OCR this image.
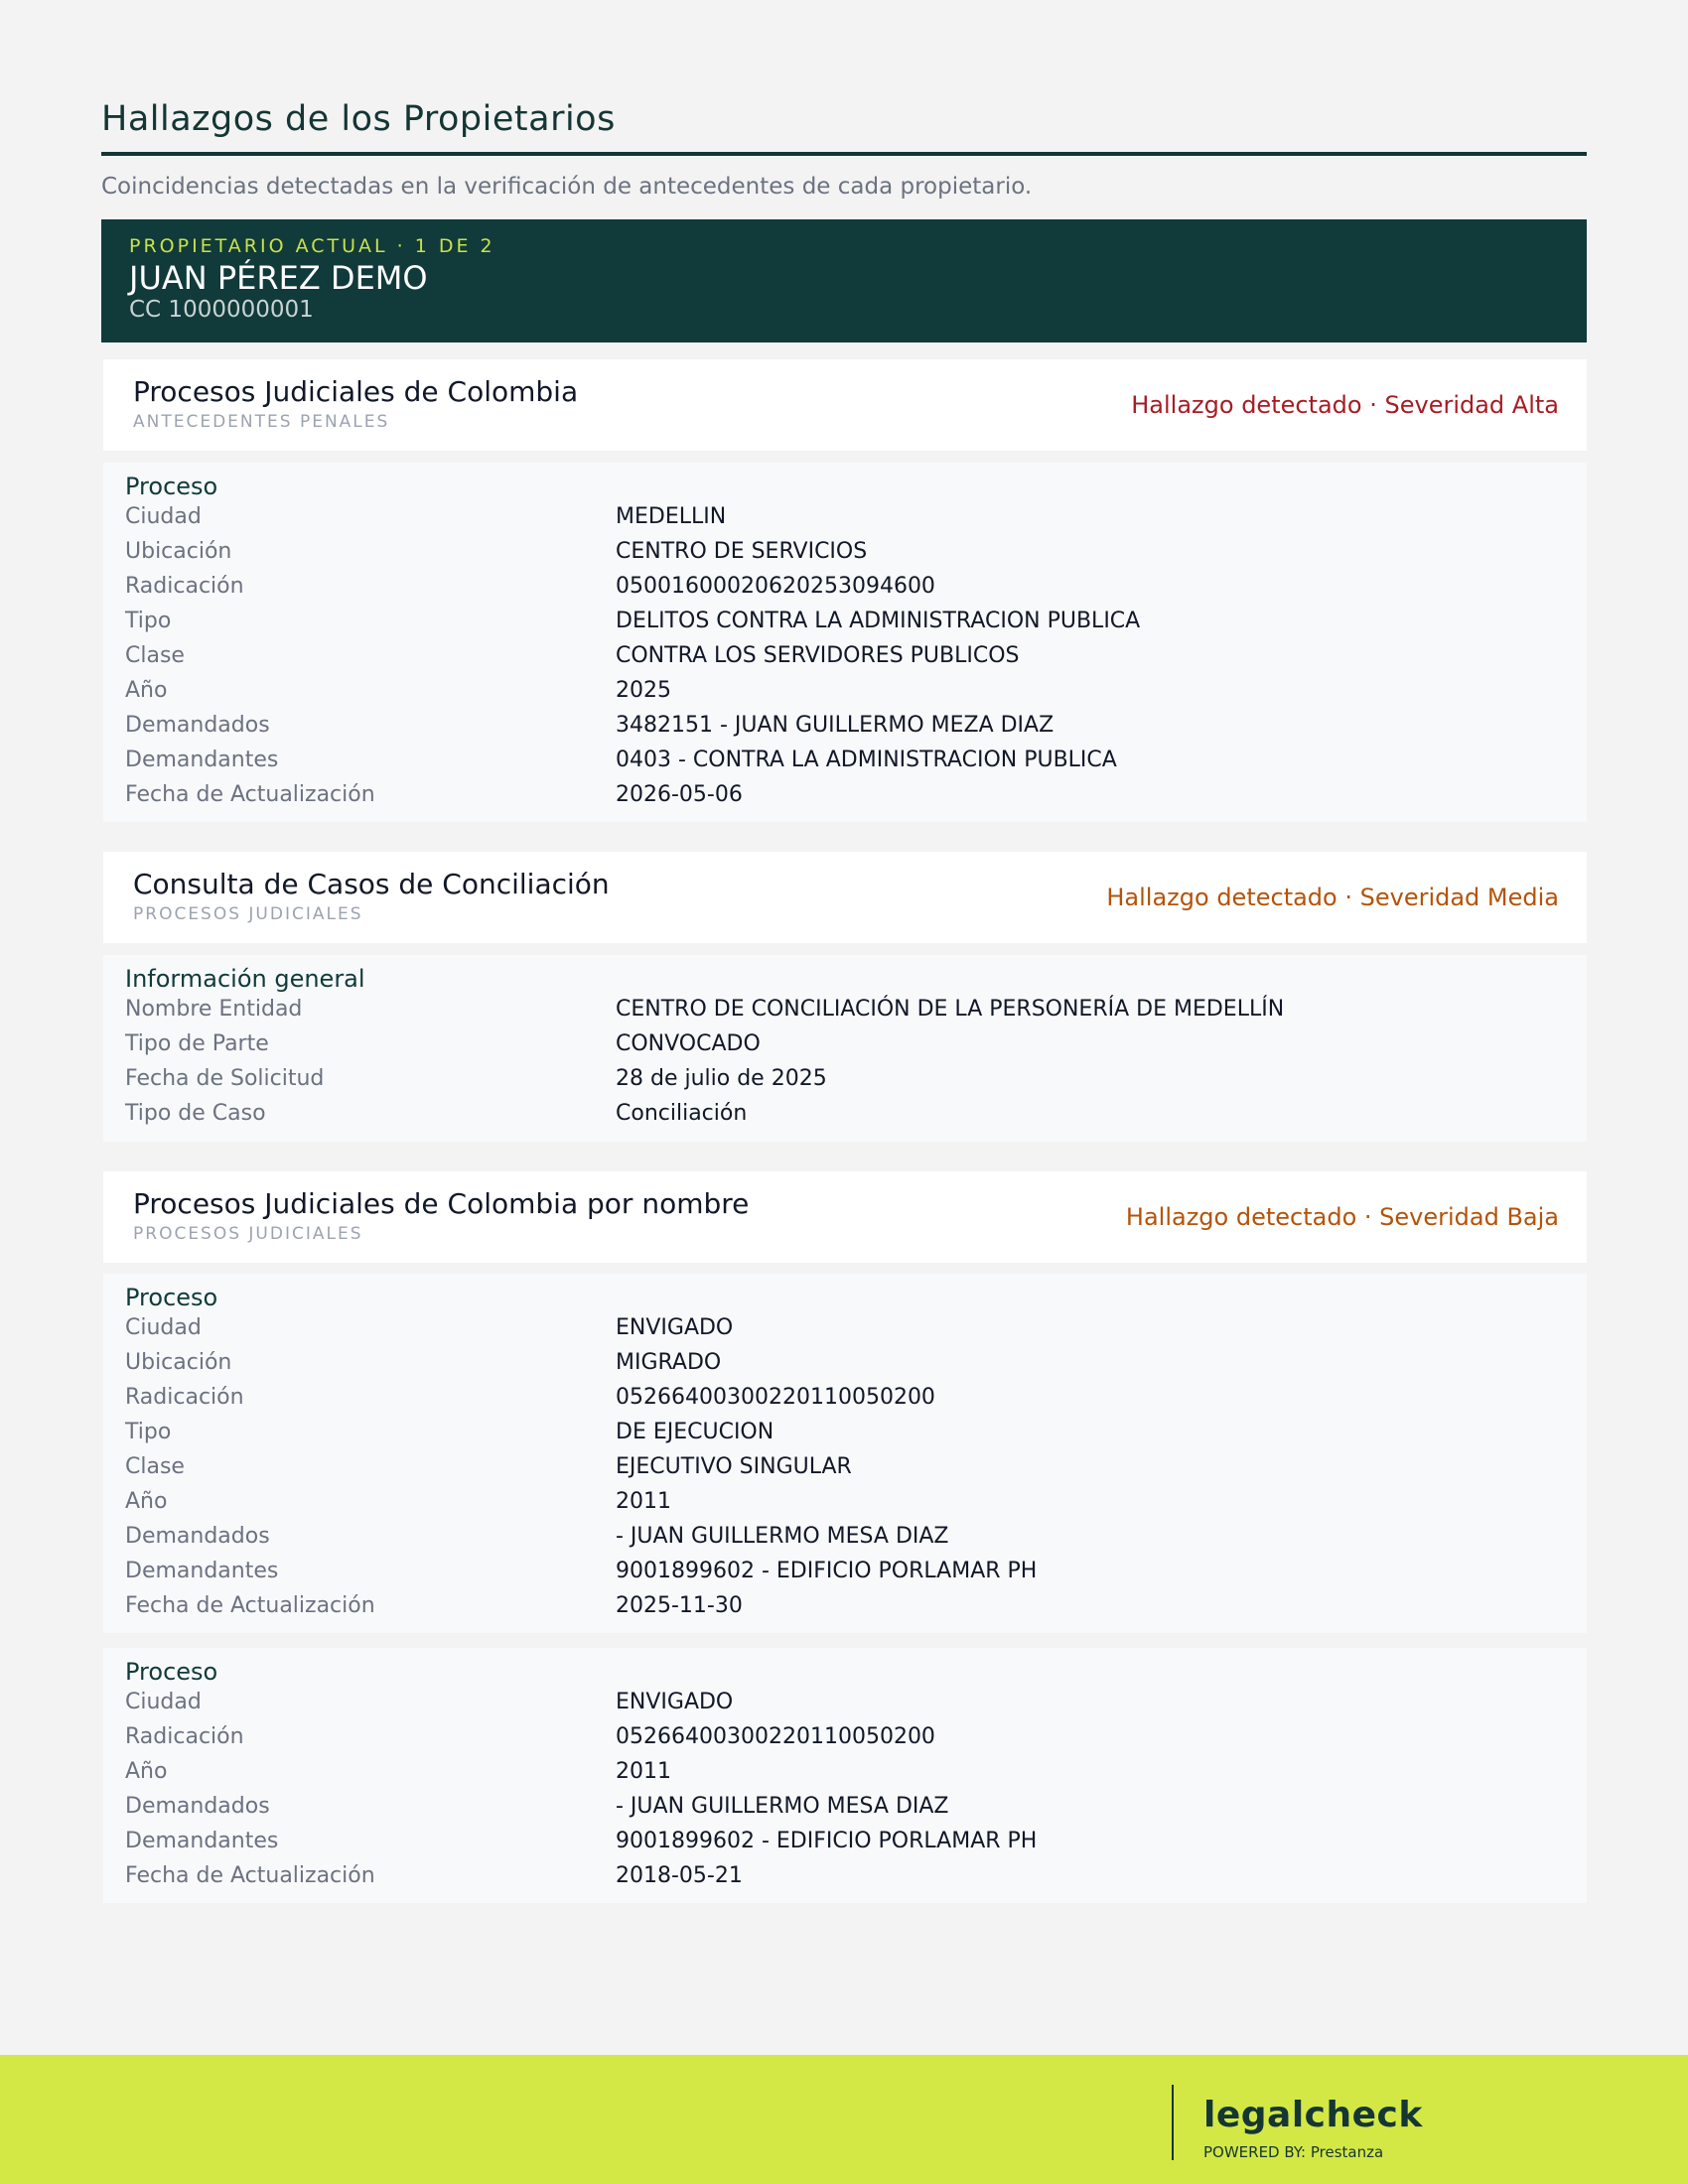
Hallazgos de los Propietarios
Coincidencias detectadas en la verificación de antecedentes de cada propietario.
PROPIETARIO ACTUAL · 1 DE 2
JUAN PÉREZ DEMO
CC 1000000001
Procesos Judiciales de Colombia
ANTECEDENTES PENALES
Hallazgo detectado · Severidad Alta
Proceso
Ciudad	MEDELLIN
Ubicación	CENTRO DE SERVICIOS
Radicación	05001600020620253094600
Tipo	DELITOS CONTRA LA ADMINISTRACION PUBLICA
Clase	CONTRA LOS SERVIDORES PUBLICOS
Año	2025
Demandados	3482151 - JUAN GUILLERMO MEZA DIAZ
Demandantes	0403 - CONTRA LA ADMINISTRACION PUBLICA
Fecha de Actualización	2026-05-06
Consulta de Casos de Conciliación
PROCESOS JUDICIALES
Hallazgo detectado · Severidad Media
Información general
Nombre Entidad	CENTRO DE CONCILIACIÓN DE LA PERSONERÍA DE MEDELLÍN
Tipo de Parte	CONVOCADO
Fecha de Solicitud	28 de julio de 2025
Tipo de Caso	Conciliación
Procesos Judiciales de Colombia por nombre
PROCESOS JUDICIALES
Hallazgo detectado · Severidad Baja
Proceso
Ciudad	ENVIGADO
Ubicación	MIGRADO
Radicación	05266400300220110050200
Tipo	DE EJECUCION
Clase	EJECUTIVO SINGULAR
Año	2011
Demandados	- JUAN GUILLERMO MESA DIAZ
Demandantes	9001899602 - EDIFICIO PORLAMAR PH
Fecha de Actualización	2025-11-30
Proceso
Ciudad	ENVIGADO
Radicación	05266400300220110050200
Año	2011
Demandados	- JUAN GUILLERMO MESA DIAZ
Demandantes	9001899602 - EDIFICIO PORLAMAR PH
Fecha de Actualización	2018-05-21
legalcheck
POWERED BY: Prestanza
